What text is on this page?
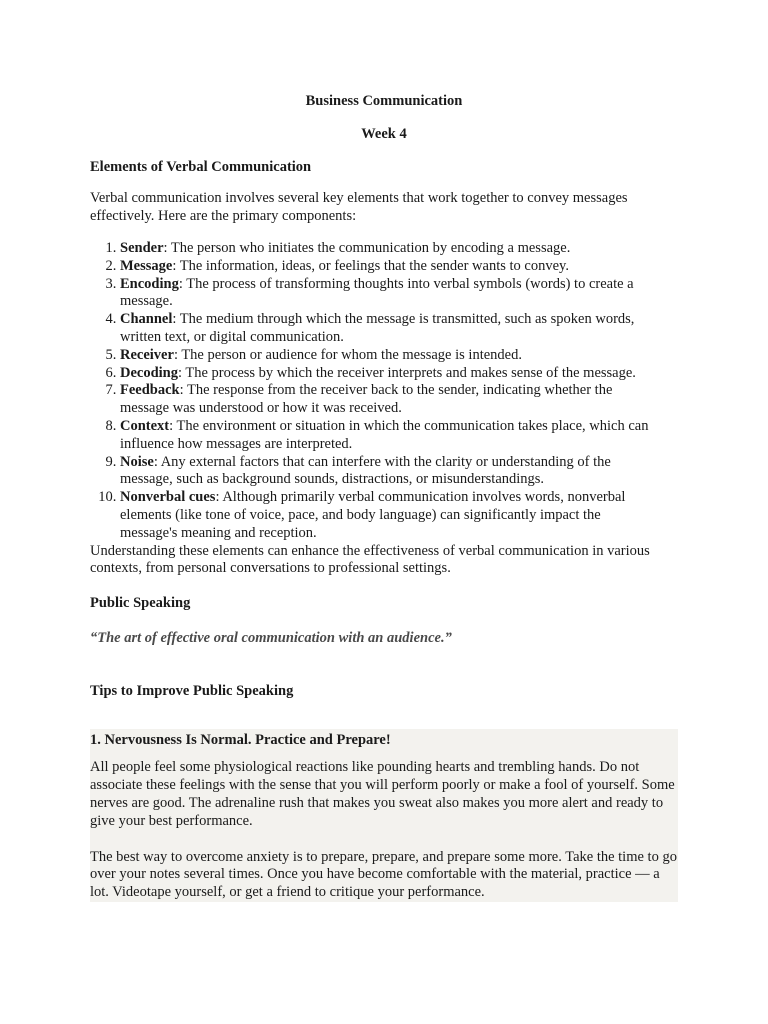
Business Communication

Week 4

Elements of Verbal Communication

Verbal communication involves several key elements that work together to convey messages effectively. Here are the primary components:

1. Sender: The person who initiates the communication by encoding a message.
2. Message: The information, ideas, or feelings that the sender wants to convey.
3. Encoding: The process of transforming thoughts into verbal symbols (words) to create a message.
4. Channel: The medium through which the message is transmitted, such as spoken words, written text, or digital communication.
5. Receiver: The person or audience for whom the message is intended.
6. Decoding: The process by which the receiver interprets and makes sense of the message.
7. Feedback: The response from the receiver back to the sender, indicating whether the message was understood or how it was received.
8. Context: The environment or situation in which the communication takes place, which can influence how messages are interpreted.
9. Noise: Any external factors that can interfere with the clarity or understanding of the message, such as background sounds, distractions, or misunderstandings.
10. Nonverbal cues: Although primarily verbal communication involves words, nonverbal elements (like tone of voice, pace, and body language) can significantly impact the message's meaning and reception.

Understanding these elements can enhance the effectiveness of verbal communication in various contexts, from personal conversations to professional settings.

Public Speaking

“The art of effective oral communication with an audience.”

Tips to Improve Public Speaking

1. Nervousness Is Normal. Practice and Prepare!

All people feel some physiological reactions like pounding hearts and trembling hands. Do not associate these feelings with the sense that you will perform poorly or make a fool of yourself. Some nerves are good. The adrenaline rush that makes you sweat also makes you more alert and ready to give your best performance.

The best way to overcome anxiety is to prepare, prepare, and prepare some more. Take the time to go over your notes several times. Once you have become comfortable with the material, practice — a lot. Videotape yourself, or get a friend to critique your performance.
